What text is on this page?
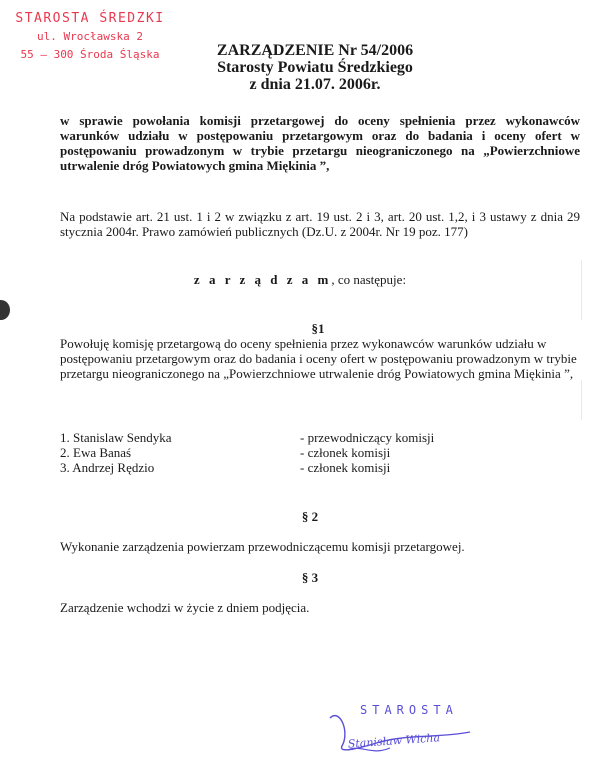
STAROSTA ŚREDZKI
ul. Wrocławska 2
55 – 300 Środa Śląska	ZARZĄDZENIE Nr 54/2006
Starosty Powiatu Średzkiego
z dnia 21.07. 2006r.
w sprawie powołania komisji przetargowej do oceny spełnienia przez wykonawców warunków udziału w postępowaniu przetargowym oraz do badania i oceny ofert w postępowaniu prowadzonym w trybie przetargu nieograniczonego na „Powierzchniowe utrwalenie dróg Powiatowych gmina Miękinia ”,
Na podstawie art. 21 ust. 1 i 2 w związku z art. 19 ust. 2 i 3, art. 20 ust. 1,2, i 3 ustawy z dnia 29 stycznia 2004r. Prawo zamówień publicznych (Dz.U. z 2004r. Nr 19 poz. 177)
z a r z ą d z a m, co następuje:
§1
Powołuję komisję przetargową do oceny spełnienia przez wykonawców warunków udziału w postępowaniu przetargowym oraz do badania i oceny ofert w postępowaniu prowadzonym w trybie przetargu nieograniczonego na „Powierzchniowe utrwalenie dróg Powiatowych gmina Miękinia ”,
1. Stanislaw Sendyka	- przewodniczący komisji
2. Ewa Banaś	- członek komisji
3. Andrzej Rędzio	- członek komisji
§ 2
Wykonanie zarządzenia powierzam przewodniczącemu komisji przetargowej.
§ 3
Zarządzenie wchodzi w życie z dniem podjęcia.
STAROSTA
Stanisław Wicha
